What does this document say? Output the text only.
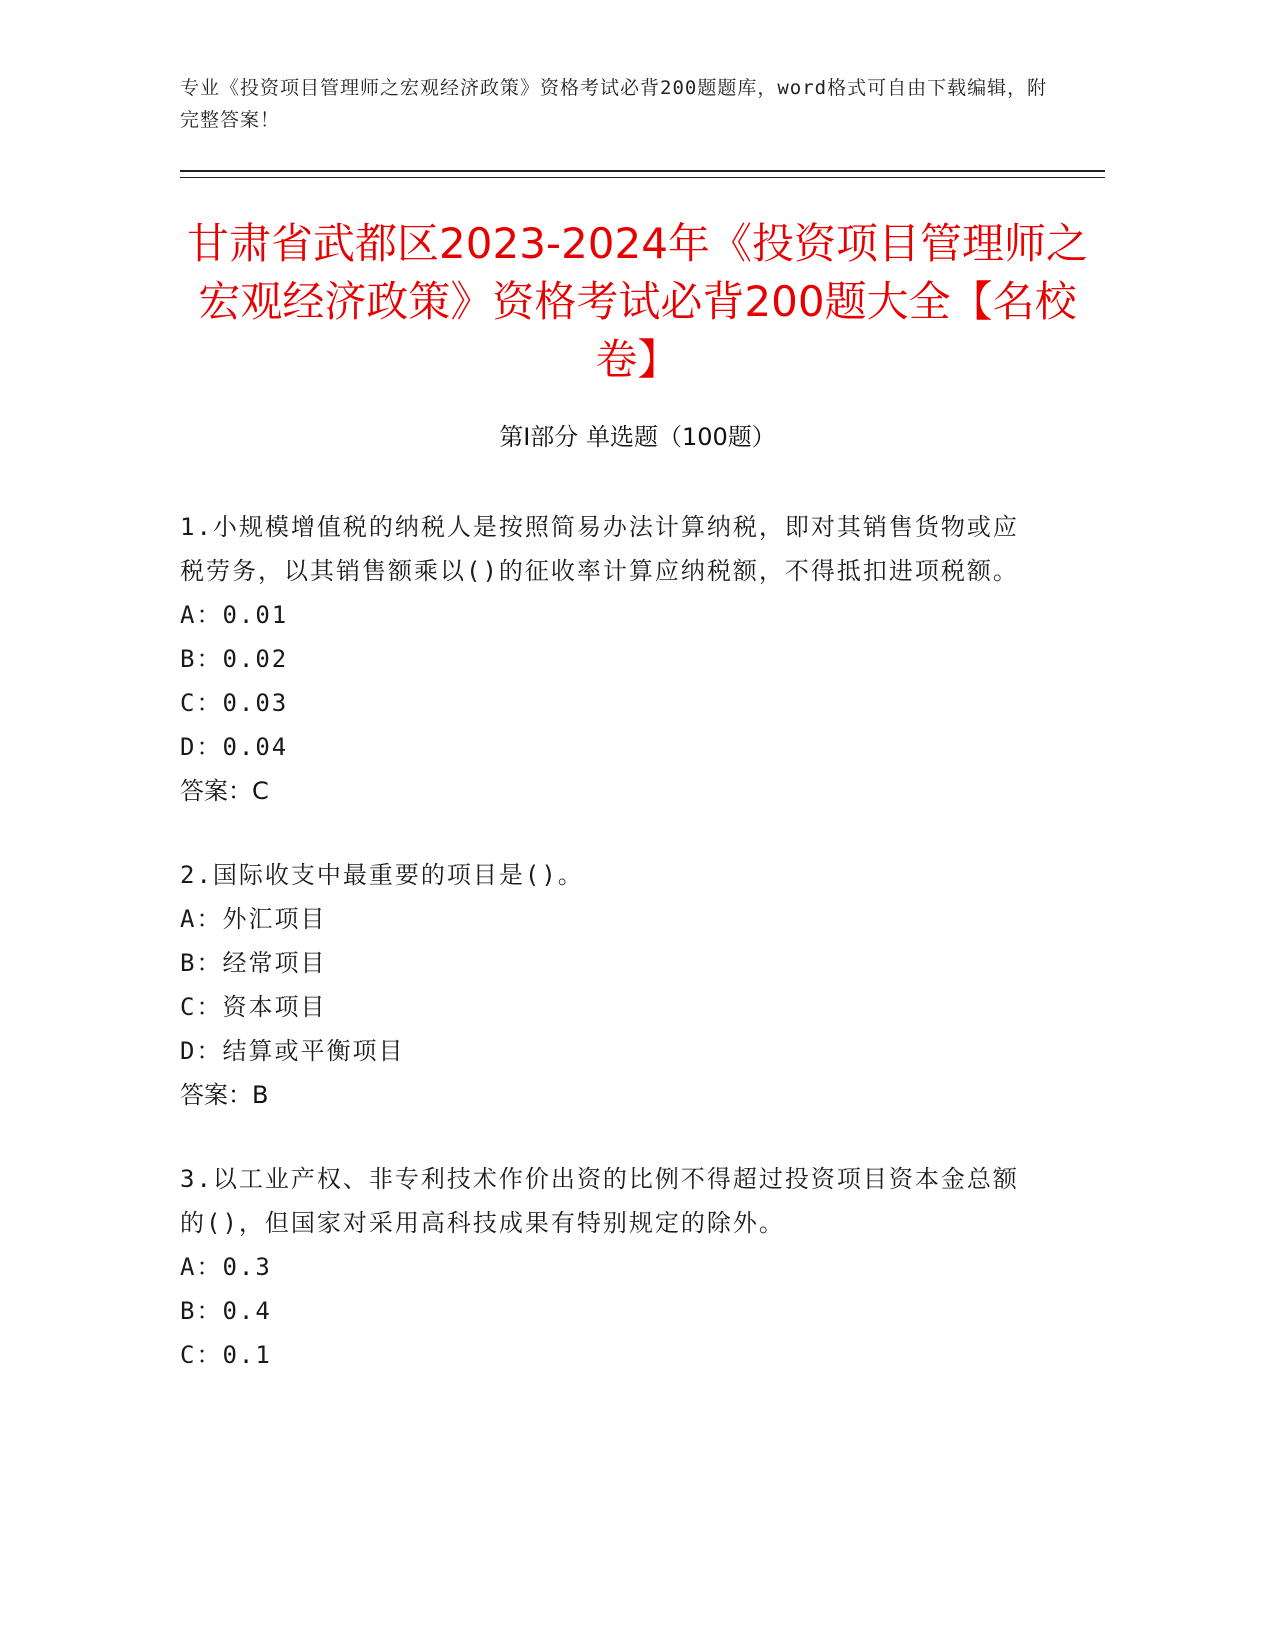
专业《投资项目管理师之宏观经济政策》资格考试必背200题题库，word格式可自由下载编辑，附完整答案！
甘肃省武都区2023-2024年《投资项目管理师之宏观经济政策》资格考试必背200题大全【名校卷】
第Ⅰ部分 单选题（100题）
1.小规模增值税的纳税人是按照简易办法计算纳税，即对其销售货物或应税劳务，以其销售额乘以()的征收率计算应纳税额，不得抵扣进项税额。
A：0.01
B：0.02
C：0.03
D：0.04
答案：C
2.国际收支中最重要的项目是()。
A：外汇项目
B：经常项目
C：资本项目
D：结算或平衡项目
答案：B
3.以工业产权、非专利技术作价出资的比例不得超过投资项目资本金总额的()，但国家对采用高科技成果有特别规定的除外。
A：0.3
B：0.4
C：0.1
